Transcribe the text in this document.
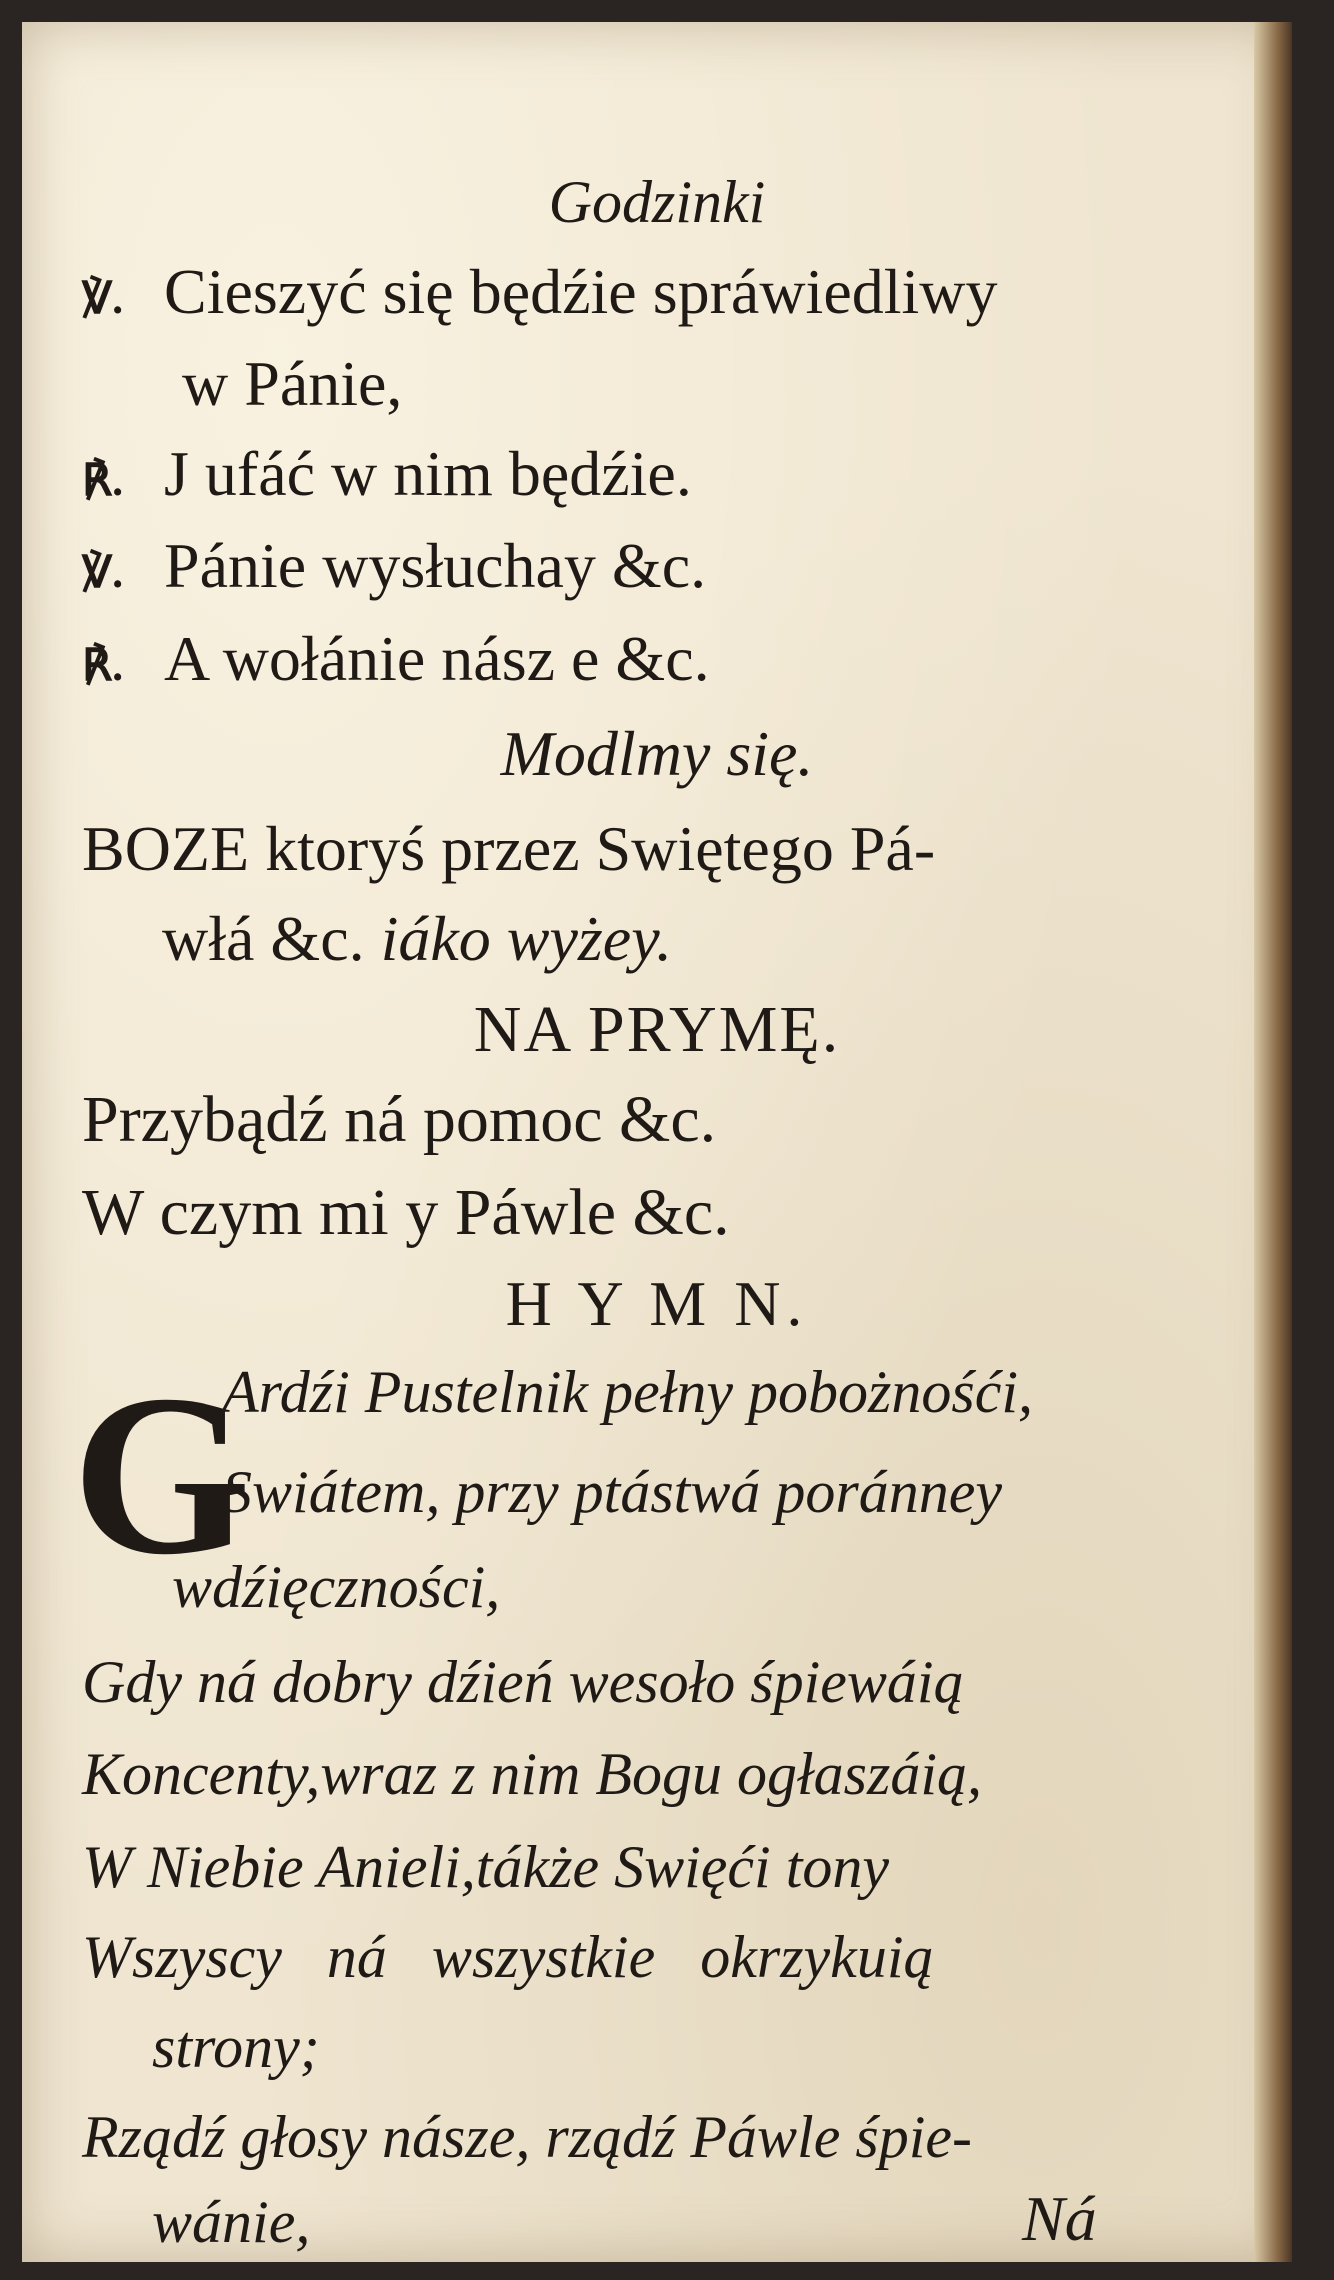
Godzinki

℣. Cieszyć się będźie spráwiedliwy

w Pánie,

℟. J ufáć w nim będźie.

℣. Pánie wysłuchay &c.

℟. A wołánie nász e &c.

Modlmy się.

BOZE ktoryś przez Swiętego Pá-

włá &c. iáko wyżey.

NA PRYMĘ.

Przybądź ná pomoc &c.

W czym mi y Páwle &c.

H Y M N.

G

Ardźi Pustelnik pełny pobożnośći,

Swiátem, przy ptástwá poránney

wdźięczności,

Gdy ná dobry dźień wesoło śpiewáią

Koncenty,wraz z nim Bogu ogłaszáią,

W Niebie Anieli,tákże Swięći tony

Wszyscy ná wszystkie okrzykuią

strony;

Rządź głosy násze, rządź Páwle śpie-

wánie,	Ná
